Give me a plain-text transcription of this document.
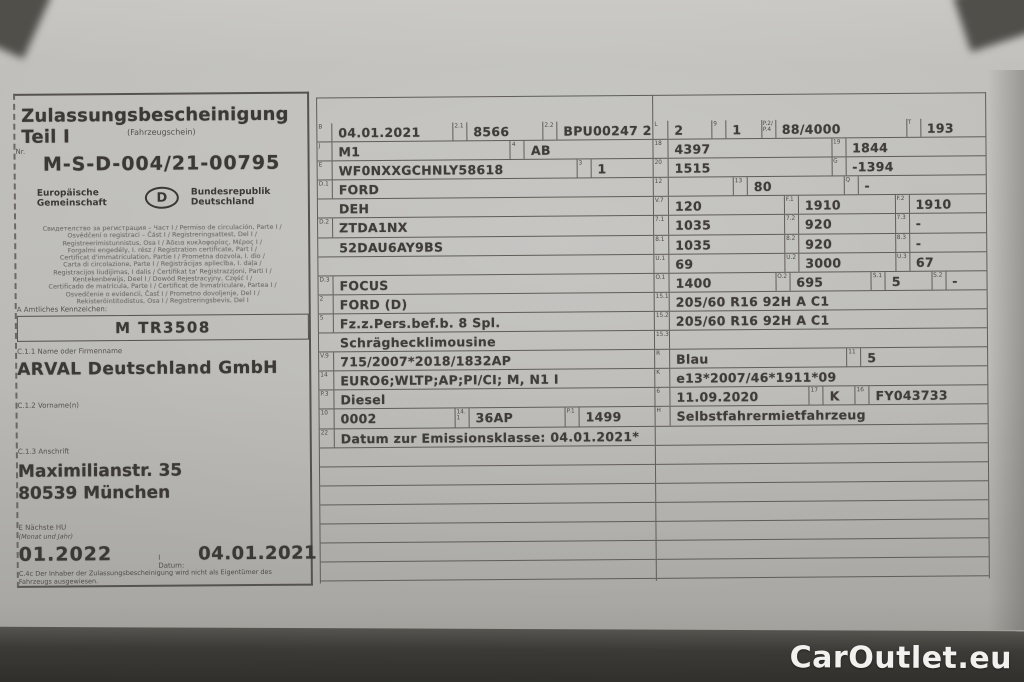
Zulassungsbescheinigung Teil I	(Fahrzeugschein)
Nr. M-S-D-004/21-00795
Europäische Gemeinschaft	D	Bundesrepublik Deutschland
Свидетелство за регистрация – Част I / Permiso de circulación, Parte I /
Osvědčení o registraci – Část I / Registreringsattest, Del I /
Registreerimistunnistus, Osa I / Άδεια κυκλοφορίας, Μέρος I /
Forgalmi engedély, I. rész / Registration certificate, Part I /
Certificat d'immatriculation, Partie I / Prometna dozvola, I. dio /
Carta di circolazione, Parte I / Reģistrācijas apliecība, I. daļa /
Registracijos liudijimas, I dalis / Ċertifikat ta' Reġistrazzjoni, Parti I /
Kentekenbewijs, Deel I / Dowód Rejestracyjny, Część I /
Certificado de matrícula, Parte I / Certificat de înmatriculare, Partea I /
Osvedčenie o evidencii, Časť I / Prometno dovoljenje, Del I /
Rekisteröintitodistus, Osa I / Registreringsbevis, Del I
A Amtliches Kennzeichen:
M TR3508
C.1.1 Name oder Firmenname
ARVAL Deutschland GmbH
C.1.2 Vorname(n)
C.1.3 Anschrift
Maximilianstr. 35
80539 München
E Nächste HU
(Monat und Jahr)
01.2022	I Datum:
04.01.2021
C.4c Der Inhaber der Zulassungsbescheinigung wird nicht als Eigentümer des Fahrzeugs ausgewiesen.
B	04.01.2021	2.1 8566	2.2 BPU00247 2
J	M1	4	AB
E	WF0NXXGCHNLY58618	3	1
D.1 FORD
DEH
D.2 ZTDA1NX
52DAU6AY9BS
D.3 FOCUS
2	FORD (D)
5	Fz.z.Pers.bef.b. 8 Spl.
Schräghecklimousine
V.9 715/2007*2018/1832AP
14	EURO6;WLTP;AP;PI/CI; M, N1 I
P.3 Diesel
10	0002	14.1	36AP	P.1 1499
22	Datum zur Emissionsklasse: 04.01.2021*
L	2	9	1	P.2/P.4 88/4000	T	193
18	4397	19 1844
20	1515	G	-1394
12	13 80	Q	-
V.7 120	F.1 1910	F.2 1910
7.1 1035	7.2 920	7.3 -
8.1 1035	8.2 920	8.3 -
U.1 69	U.2 3000	U.3 67
O.1 1400	O.2 695	S.1 5	S.2 -
15.1 205/60 R16 92H A C1
15.2 205/60 R16 92H A C1
15.3
R	Blau	11 5
K	e13*2007/46*1911*09
6	11.09.2020	17 K	16 FY043733
H	Selbstfahrermietfahrzeug
CarOutlet.eu
